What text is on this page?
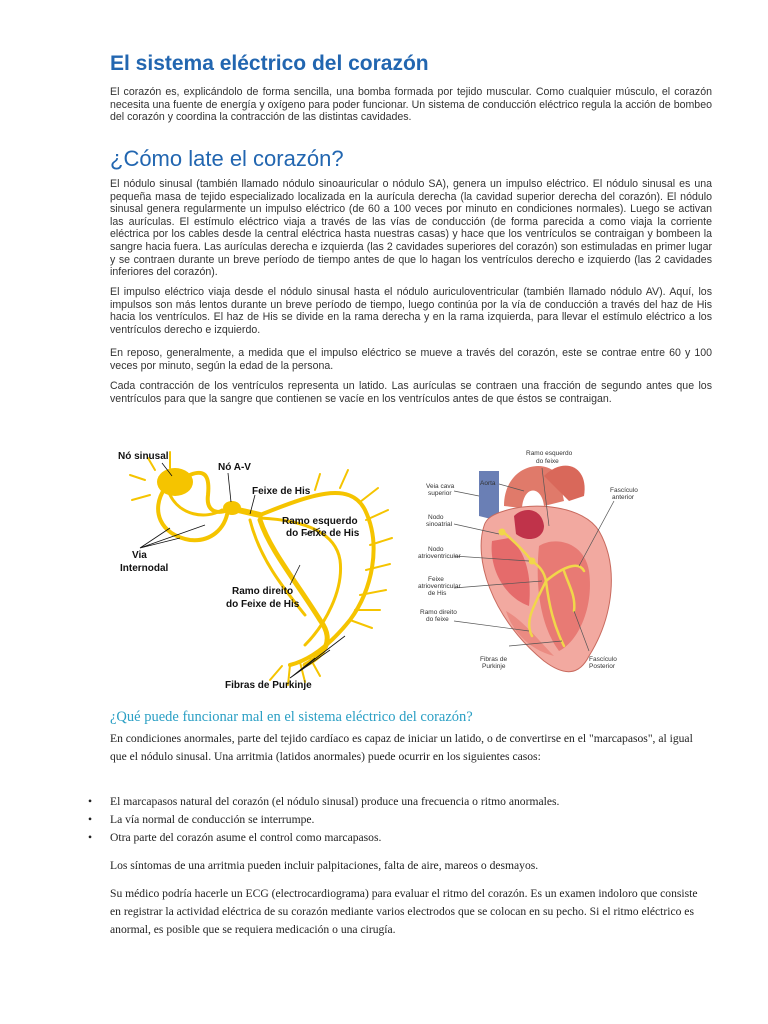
El sistema eléctrico del corazón

El corazón es, explicándolo de forma sencilla, una bomba formada por tejido muscular. Como cualquier músculo, el corazón necesita una fuente de energía y oxígeno para poder funcionar. Un sistema de conducción eléctrico regula la acción de bombeo del corazón y coordina la contracción de las distintas cavidades.

¿Cómo late el corazón?

El nódulo sinusal (también llamado nódulo sinoauricular o nódulo SA), genera un impulso eléctrico. El nódulo sinusal es una pequeña masa de tejido especializado localizada en la aurícula derecha (la cavidad superior derecha del corazón). El nódulo sinusal genera regularmente un impulso eléctrico (de 60 a 100 veces por minuto en condiciones normales). Luego se activan las aurículas. El estímulo eléctrico viaja a través de las vías de conducción (de forma parecida a como viaja la corriente eléctrica por los cables desde la central eléctrica hasta nuestras casas) y hace que los ventrículos se contraigan y bombeen la sangre hacia fuera. Las aurículas derecha e izquierda (las 2 cavidades superiores del corazón) son estimuladas en primer lugar y se contraen durante un breve período de tiempo antes de que lo hagan los ventrículos derecho e izquierdo (las 2 cavidades inferiores del corazón).

El impulso eléctrico viaja desde el nódulo sinusal hasta el nódulo auriculoventricular (también llamado nódulo AV). Aquí, los impulsos son más lentos durante un breve período de tiempo, luego continúa por la vía de conducción a través del haz de His hacia los ventrículos. El haz de His se divide en la rama derecha y en la rama izquierda, para llevar el estímulo eléctrico a los ventrículos derecho e izquierdo.

En reposo, generalmente, a medida que el impulso eléctrico se mueve a través del corazón, este se contrae entre 60 y 100 veces por minuto, según la edad de la persona.

Cada contracción de los ventrículos representa un latido. Las aurículas se contraen una fracción de segundo antes que los ventrículos para que la sangre que contienen se vacíe en los ventrículos antes de que éstos se contraigan.

Nó sinusal
Nó A-V
Feixe de His
Ramo esquerdo
do Feixe de His
Via
Internodal
Ramo direito
do Feixe de His
Fibras de Purkinje
Ramo esquerdo
do feixe
Aorta
Veia cava
superior	Fascículo
anterior
Nodo
sinoatrial
Nodo
atrioventricular
Feixe
atrioventricular
de His
Ramo direito
do feixe
Fibras de
Purkinje
Fascículo
Posterior
¿Qué puede funcionar mal en el sistema eléctrico del corazón?

En condiciones anormales, parte del tejido cardíaco es capaz de iniciar un latido, o de convertirse en el "marcapasos", al igual que el nódulo sinusal. Una arritmia (latidos anormales) puede ocurrir en los siguientes casos:

•	El marcapasos natural del corazón (el nódulo sinusal) produce una frecuencia o ritmo anormales.
•	La vía normal de conducción se interrumpe.
•	Otra parte del corazón asume el control como marcapasos.

Los síntomas de una arritmia pueden incluir palpitaciones, falta de aire, mareos o desmayos.

Su médico podría hacerle un ECG (electrocardiograma) para evaluar el ritmo del corazón. Es un examen indoloro que consiste en registrar la actividad eléctrica de su corazón mediante varios electrodos que se colocan en su pecho. Si el ritmo eléctrico es anormal, es posible que se requiera medicación o una cirugía.
